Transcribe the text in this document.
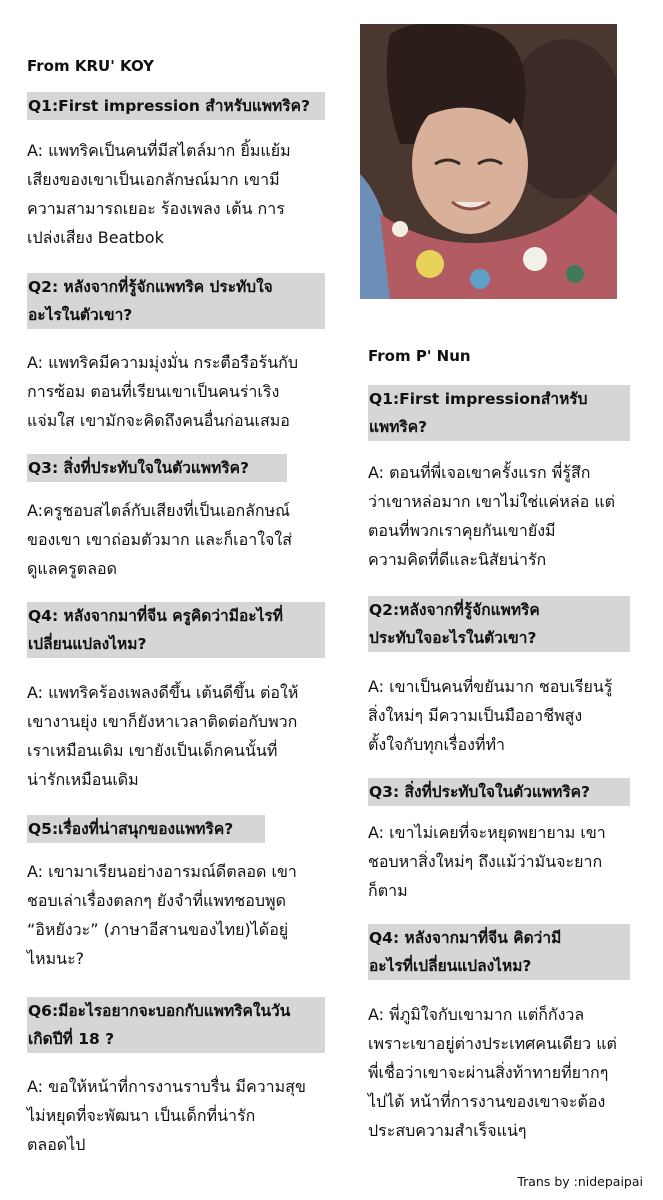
From KRU' KOY
Q1:First impression สำหรับแพทริค?
A: แพทริคเป็นคนที่มีสไตล์มาก ยิ้มแย้ม
เสียงของเขาเป็นเอกลักษณ์มาก เขามี
ความสามารถเยอะ ร้องเพลง เต้น การ
เปล่งเสียง Beatbok
Q2: หลังจากที่รู้จักแพทริค ประทับใจ
อะไรในตัวเขา?
A: แพทริคมีความมุ่งมั่น กระตือรือร้นกับ
การซ้อม ตอนที่เรียนเขาเป็นคนร่าเริง
แจ่มใส เขามักจะคิดถึงคนอื่นก่อนเสมอ
Q3: สิ่งที่ประทับใจในตัวแพทริค?
A:ครูชอบสไตล์กับเสียงที่เป็นเอกลักษณ์
ของเขา เขาถ่อมตัวมาก และก็เอาใจใส่
ดูแลครูตลอด
Q4: หลังจากมาที่จีน ครูคิดว่ามีอะไรที่
เปลี่ยนแปลงไหม?
A: แพทริคร้องเพลงดีขึ้น เต้นดีขึ้น ต่อให้
เขางานยุ่ง เขาก็ยังหาเวลาติดต่อกับพวก
เราเหมือนเดิม เขายังเป็นเด็กคนนั้นที่
น่ารักเหมือนเดิม
Q5:เรื่องที่น่าสนุกของแพทริค?
A: เขามาเรียนอย่างอารมณ์ดีตลอด เขา
ชอบเล่าเรื่องตลกๆ ยังจำที่แพทชอบพูด
“อิหยังวะ” (ภาษาอีสานของไทย)ได้อยู่
ไหมนะ?
Q6:มีอะไรอยากจะบอกกับแพทริคในวัน
เกิดปีที่ 18 ?
A: ขอให้หน้าที่การงานราบรื่น มีความสุข
ไม่หยุดที่จะพัฒนา เป็นเด็กที่น่ารัก
ตลอดไป
From P' Nun
Q1:First impressionสำหรับ
แพทริค?
A: ตอนที่พี่เจอเขาครั้งแรก พี่รู้สึก
ว่าเขาหล่อมาก เขาไม่ใช่แค่หล่อ แต่
ตอนที่พวกเราคุยกันเขายังมี
ความคิดที่ดีและนิสัยน่ารัก
Q2:หลังจากที่รู้จักแพทริค
ประทับใจอะไรในตัวเขา?
A: เขาเป็นคนที่ขยันมาก ชอบเรียนรู้
สิ่งใหม่ๆ มีความเป็นมืออาชีพสูง
ตั้งใจกับทุกเรื่องที่ทำ
Q3: สิ่งที่ประทับใจในตัวแพทริค?
A: เขาไม่เคยที่จะหยุดพยายาม เขา
ชอบหาสิ่งใหม่ๆ ถึงแม้ว่ามันจะยาก
ก็ตาม
Q4: หลังจากมาที่จีน คิดว่ามี
อะไรที่เปลี่ยนแปลงไหม?
A: พี่ภูมิใจกับเขามาก แต่ก็กังวล
เพราะเขาอยู่ต่างประเทศคนเดียว แต่
พี่เชื่อว่าเขาจะผ่านสิ่งท้าทายที่ยากๆ
ไปได้ หน้าที่การงานของเขาจะต้อง
ประสบความสำเร็จแน่ๆ
Trans by :nidepaipai
